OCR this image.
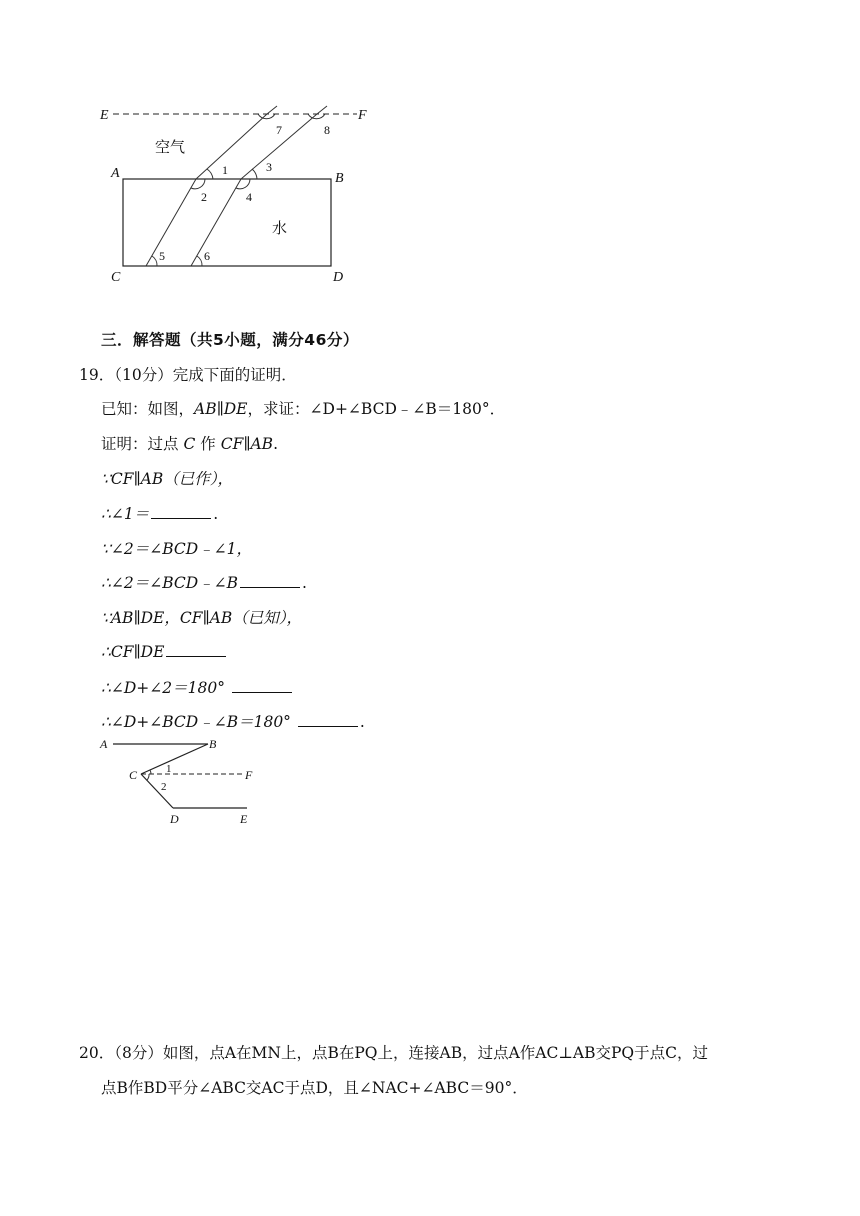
E	F
A	B
C	D
空气
水
1
2
3
4
5	6
7	8
三．解答题（共5小题，满分46分）
19．（10分）完成下面的证明．
已知：如图，AB∥DE，求证：∠D+∠BCD﹣∠B＝180°．
证明：过点 C 作 CF∥AB.
∵CF∥AB（已作），
∴∠1＝	.
∵∠2＝∠BCD﹣∠1，
∴∠2＝∠BCD﹣∠B	.
∵AB∥DE，CF∥AB（已知），
∴CF∥DE
∴∠D+∠2＝180°
∴∠D+∠BCD﹣∠B＝180°	.
A	B
C	F
D	E
1
2
20．（8分）如图，点A在MN上，点B在PQ上，连接AB，过点A作AC⊥AB交PQ于点C，过
点B作BD平分∠ABC交AC于点D，且∠NAC+∠ABC＝90°．
